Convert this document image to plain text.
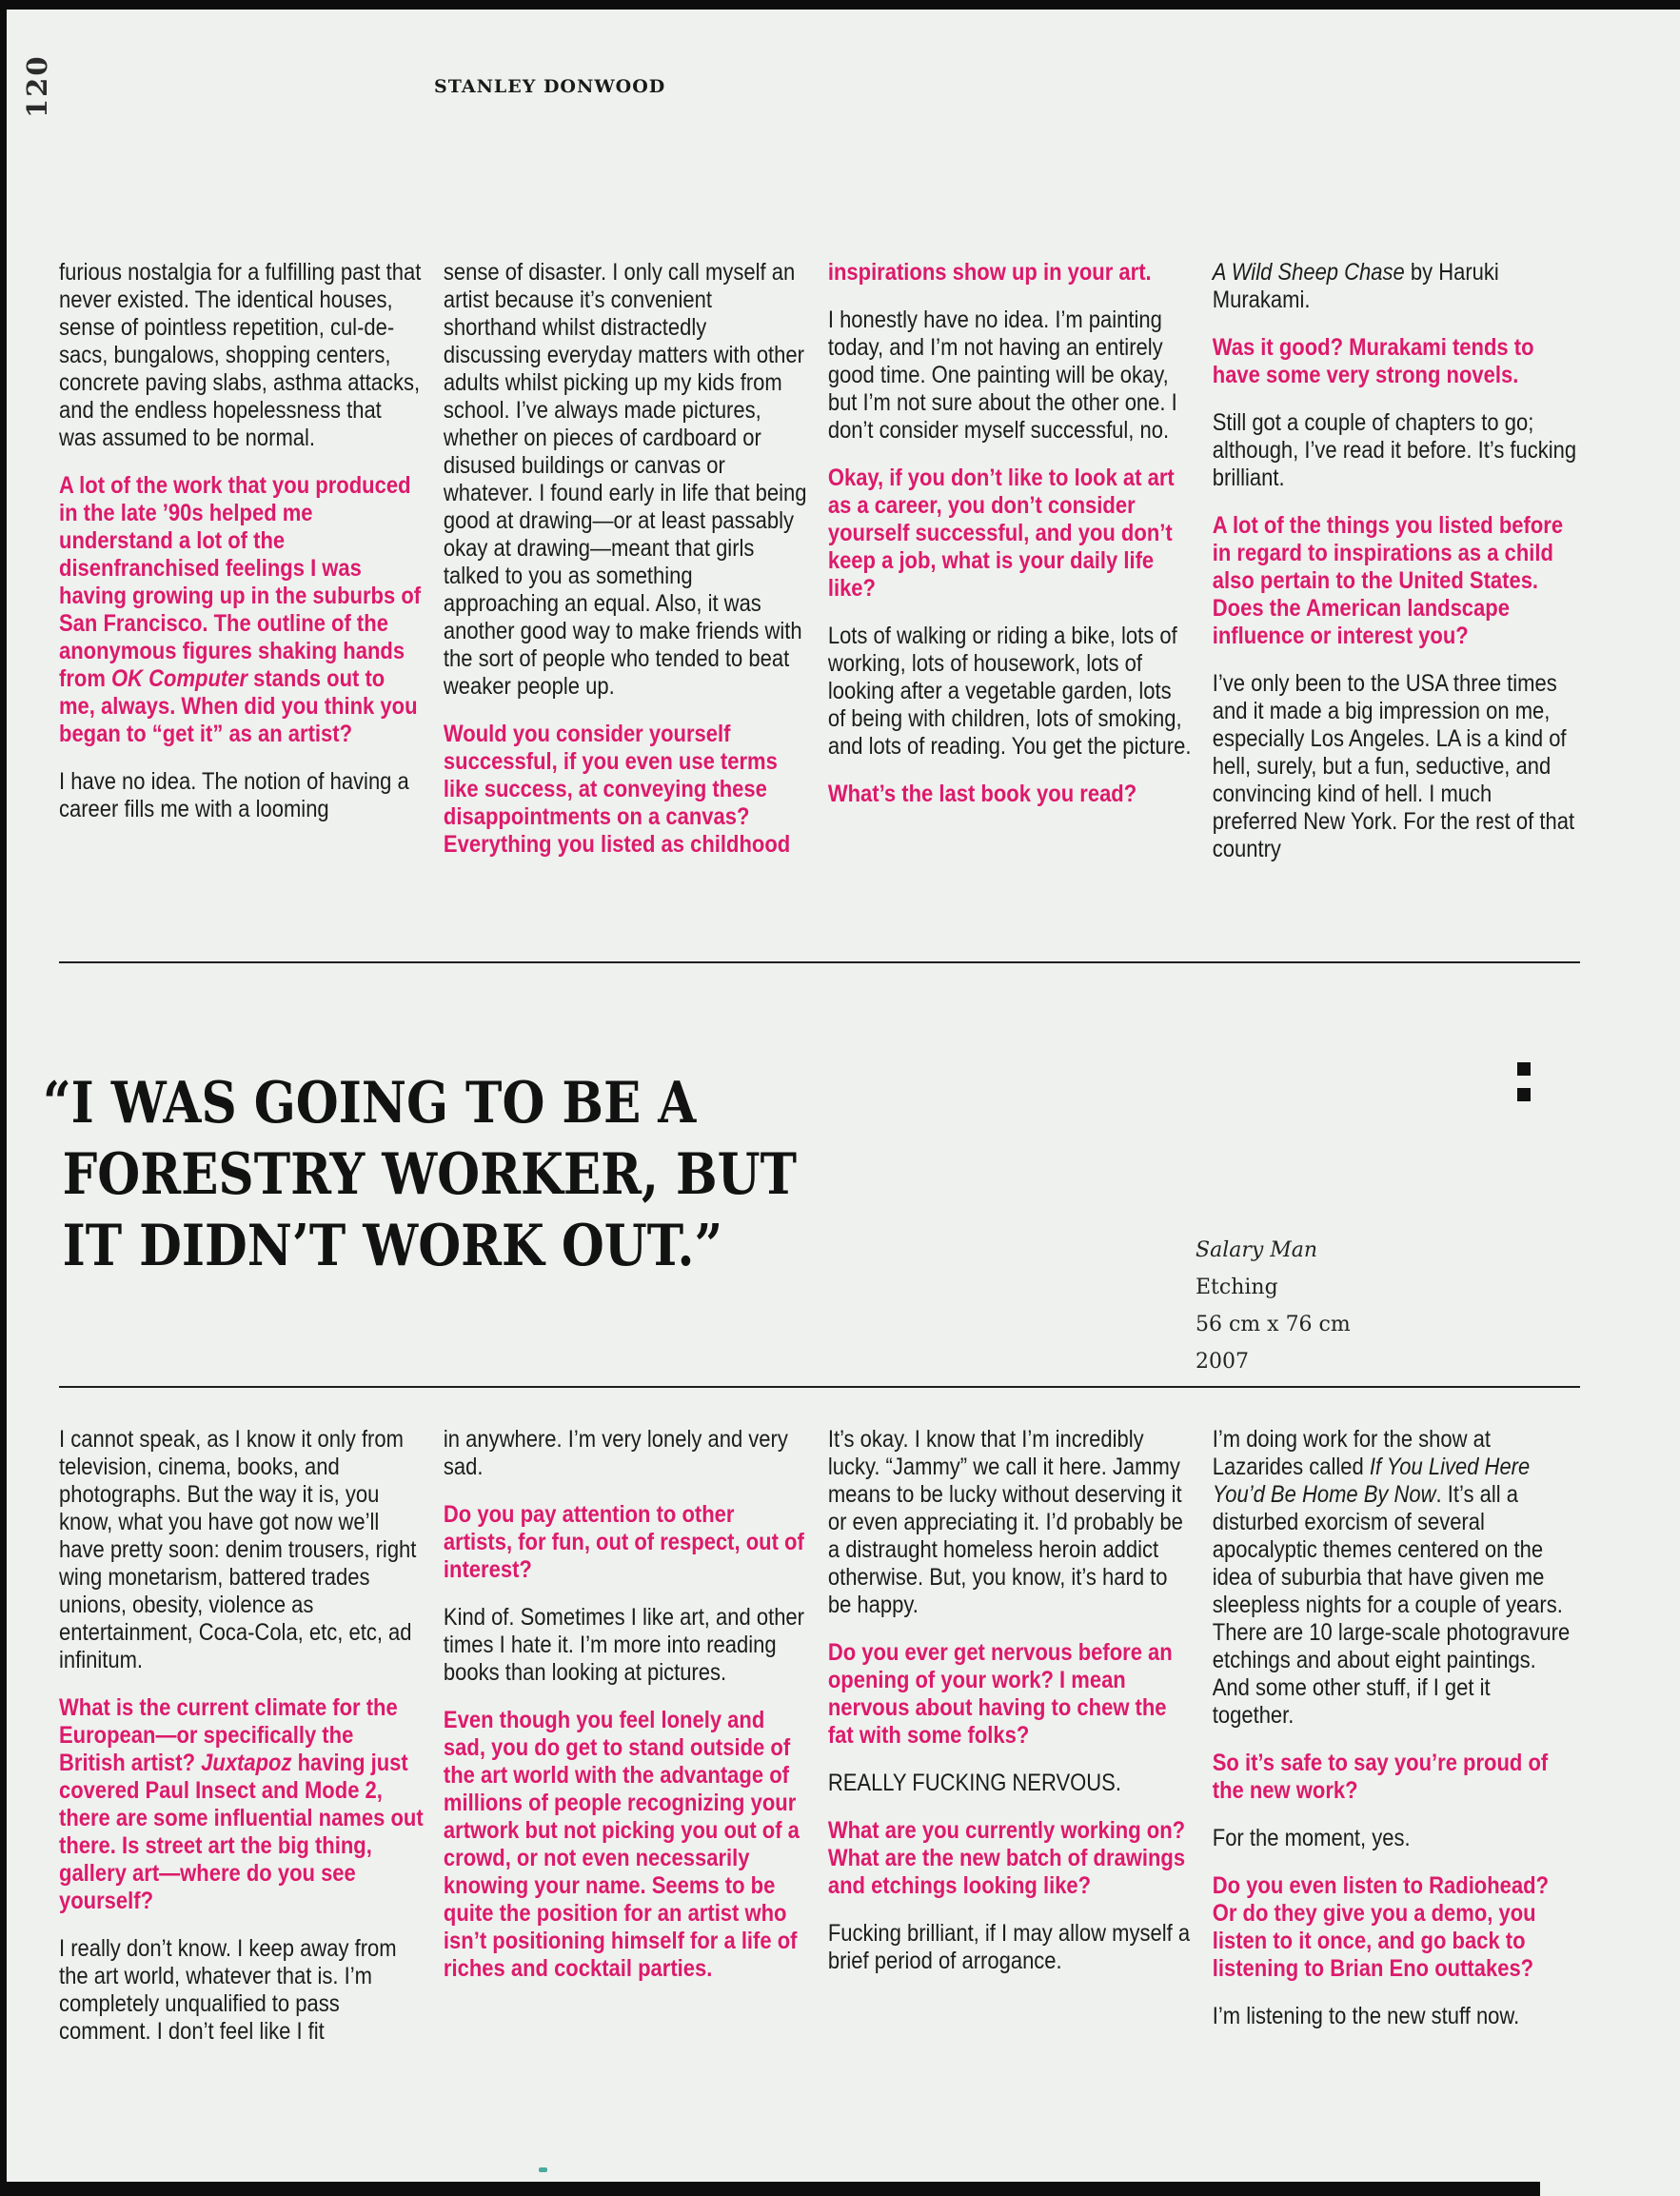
120	STANLEY DONWOOD

furious nostalgia for a fulfilling past that never existed. The identical houses, sense of pointless repetition, cul-de-sacs, bungalows, shopping centers, concrete paving slabs, asthma attacks, and the endless hopelessness that was assumed to be normal.

A lot of the work that you produced in the late ’90s helped me understand a lot of the disenfranchised feelings I was having growing up in the suburbs of San Francisco. The outline of the anonymous figures shaking hands from OK Computer stands out to me, always. When did you think you began to “get it” as an artist?

I have no idea. The notion of having a career fills me with a looming

sense of disaster. I only call myself an artist because it’s convenient shorthand whilst distractedly discussing everyday matters with other adults whilst picking up my kids from school. I’ve always made pictures, whether on pieces of cardboard or disused buildings or canvas or whatever. I found early in life that being good at drawing—or at least passably okay at drawing—meant that girls talked to you as something approaching an equal. Also, it was another good way to make friends with the sort of people who tended to beat weaker people up.

Would you consider yourself successful, if you even use terms like success, at conveying these disappointments on a canvas? Everything you listed as childhood

inspirations show up in your art.

I honestly have no idea. I’m painting today, and I’m not having an entirely good time. One painting will be okay, but I’m not sure about the other one. I don’t consider myself successful, no.

Okay, if you don’t like to look at art as a career, you don’t consider yourself successful, and you don’t keep a job, what is your daily life like?

Lots of walking or riding a bike, lots of working, lots of housework, lots of looking after a vegetable garden, lots of being with children, lots of smoking, and lots of reading. You get the picture.

What’s the last book you read?

A Wild Sheep Chase by Haruki Murakami.

Was it good? Murakami tends to have some very strong novels.

Still got a couple of chapters to go; although, I’ve read it before. It’s fucking brilliant.

A lot of the things you listed before in regard to inspirations as a child also pertain to the United States. Does the American landscape influence or interest you?

I’ve only been to the USA three times and it made a big impression on me, especially Los Angeles. LA is a kind of hell, surely, but a fun, seductive, and convincing kind of hell. I much preferred New York. For the rest of that country

“I WAS GOING TO BE A
FORESTRY WORKER, BUT
IT DIDN’T WORK OUT.”	Salary Man
Etching
56 cm x 76 cm
2007

I cannot speak, as I know it only from television, cinema, books, and photographs. But the way it is, you know, what you have got now we’ll have pretty soon: denim trousers, right wing monetarism, battered trades unions, obesity, violence as entertainment, Coca-Cola, etc, etc, ad infinitum.

What is the current climate for the European—or specifically the British artist? Juxtapoz having just covered Paul Insect and Mode 2, there are some influential names out there. Is street art the big thing, gallery art—where do you see yourself?

I really don’t know. I keep away from the art world, whatever that is. I’m completely unqualified to pass comment. I don’t feel like I fit

in anywhere. I’m very lonely and very sad.

Do you pay attention to other artists, for fun, out of respect, out of interest?

Kind of. Sometimes I like art, and other times I hate it. I’m more into reading books than looking at pictures.

Even though you feel lonely and sad, you do get to stand outside of the art world with the advantage of millions of people recognizing your artwork but not picking you out of a crowd, or not even necessarily knowing your name. Seems to be quite the position for an artist who isn’t positioning himself for a life of riches and cocktail parties.

It’s okay. I know that I’m incredibly lucky. “Jammy” we call it here. Jammy means to be lucky without deserving it or even appreciating it. I’d probably be a distraught homeless heroin addict otherwise. But, you know, it’s hard to be happy.

Do you ever get nervous before an opening of your work? I mean nervous about having to chew the fat with some folks?

REALLY FUCKING NERVOUS.

What are you currently working on? What are the new batch of drawings and etchings looking like?

Fucking brilliant, if I may allow myself a brief period of arrogance.

I’m doing work for the show at Lazarides called If You Lived Here You’d Be Home By Now. It’s all a disturbed exorcism of several apocalyptic themes centered on the idea of suburbia that have given me sleepless nights for a couple of years. There are 10 large-scale photogravure etchings and about eight paintings. And some other stuff, if I get it together.

So it’s safe to say you’re proud of the new work?

For the moment, yes.

Do you even listen to Radiohead? Or do they give you a demo, you listen to it once, and go back to listening to Brian Eno outtakes?

I’m listening to the new stuff now.
